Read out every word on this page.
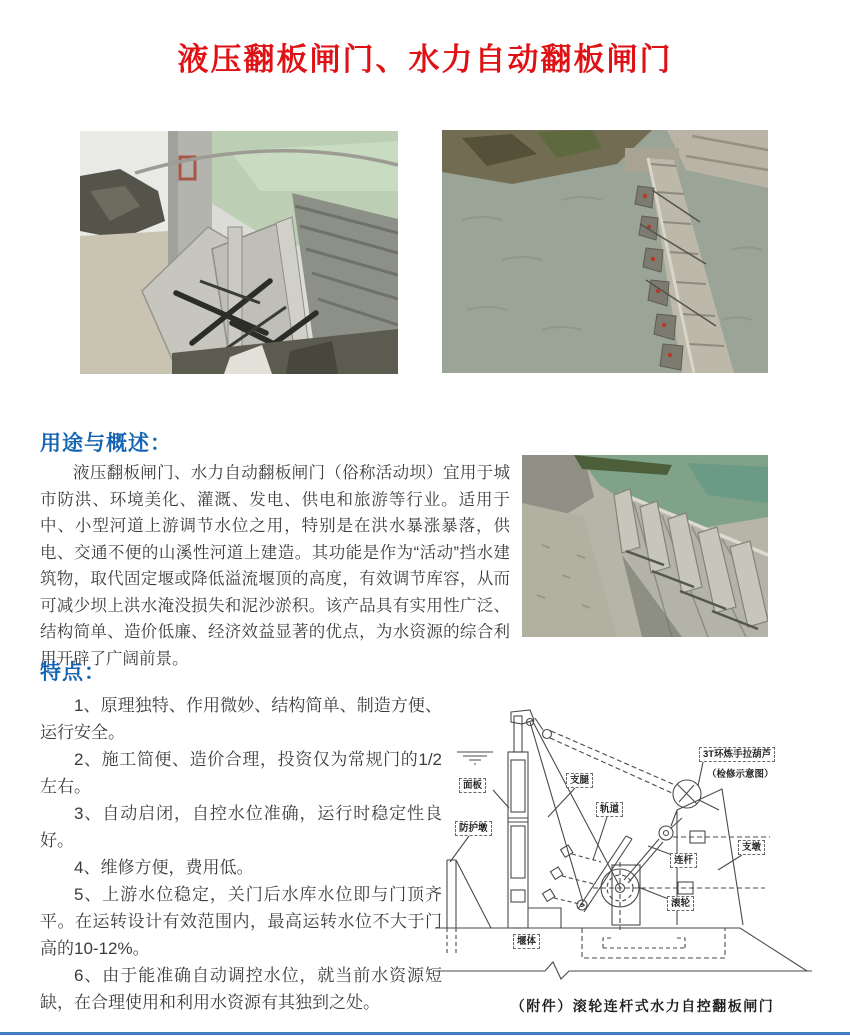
液压翻板闸门、水力自动翻板闸门
用途与概述：

液压翻板闸门、水力自动翻板闸门（俗称活动坝）宜用于城市防洪、环境美化、灌溉、发电、供电和旅游等行业。适用于中、小型河道上游调节水位之用，特别是在洪水暴涨暴落，供电、交通不便的山溪性河道上建造。其功能是作为“活动”挡水建筑物，取代固定堰或降低溢流堰顶的高度，有效调节库容，从而可减少坝上洪水淹没损失和泥沙淤积。该产品具有实用性广泛、结构简单、造价低廉、经济效益显著的优点，为水资源的综合利用开辟了广阔前景。

特点：

1、原理独特、作用微妙、结构简单、制造方便、运行安全。

2、施工简便、造价合理，投资仅为常规门的1/2左右。

3、自动启闭，自控水位准确，运行时稳定性良好。

4、维修方便，费用低。

5、上游水位稳定，关门后水库水位即与门顶齐平。在运转设计有效范围内，最高运转水位不大于门高的10-12%。

6、由于能准确自动调控水位，就当前水资源短缺，在合理使用和利用水资源有其独到之处。

面板
防护墩
支腿
轨道
3T环炼手拉葫芦
（检修示意图）
连杆
支墩
滚轮
堰体
（附件）滚轮连杆式水力自控翻板闸门
